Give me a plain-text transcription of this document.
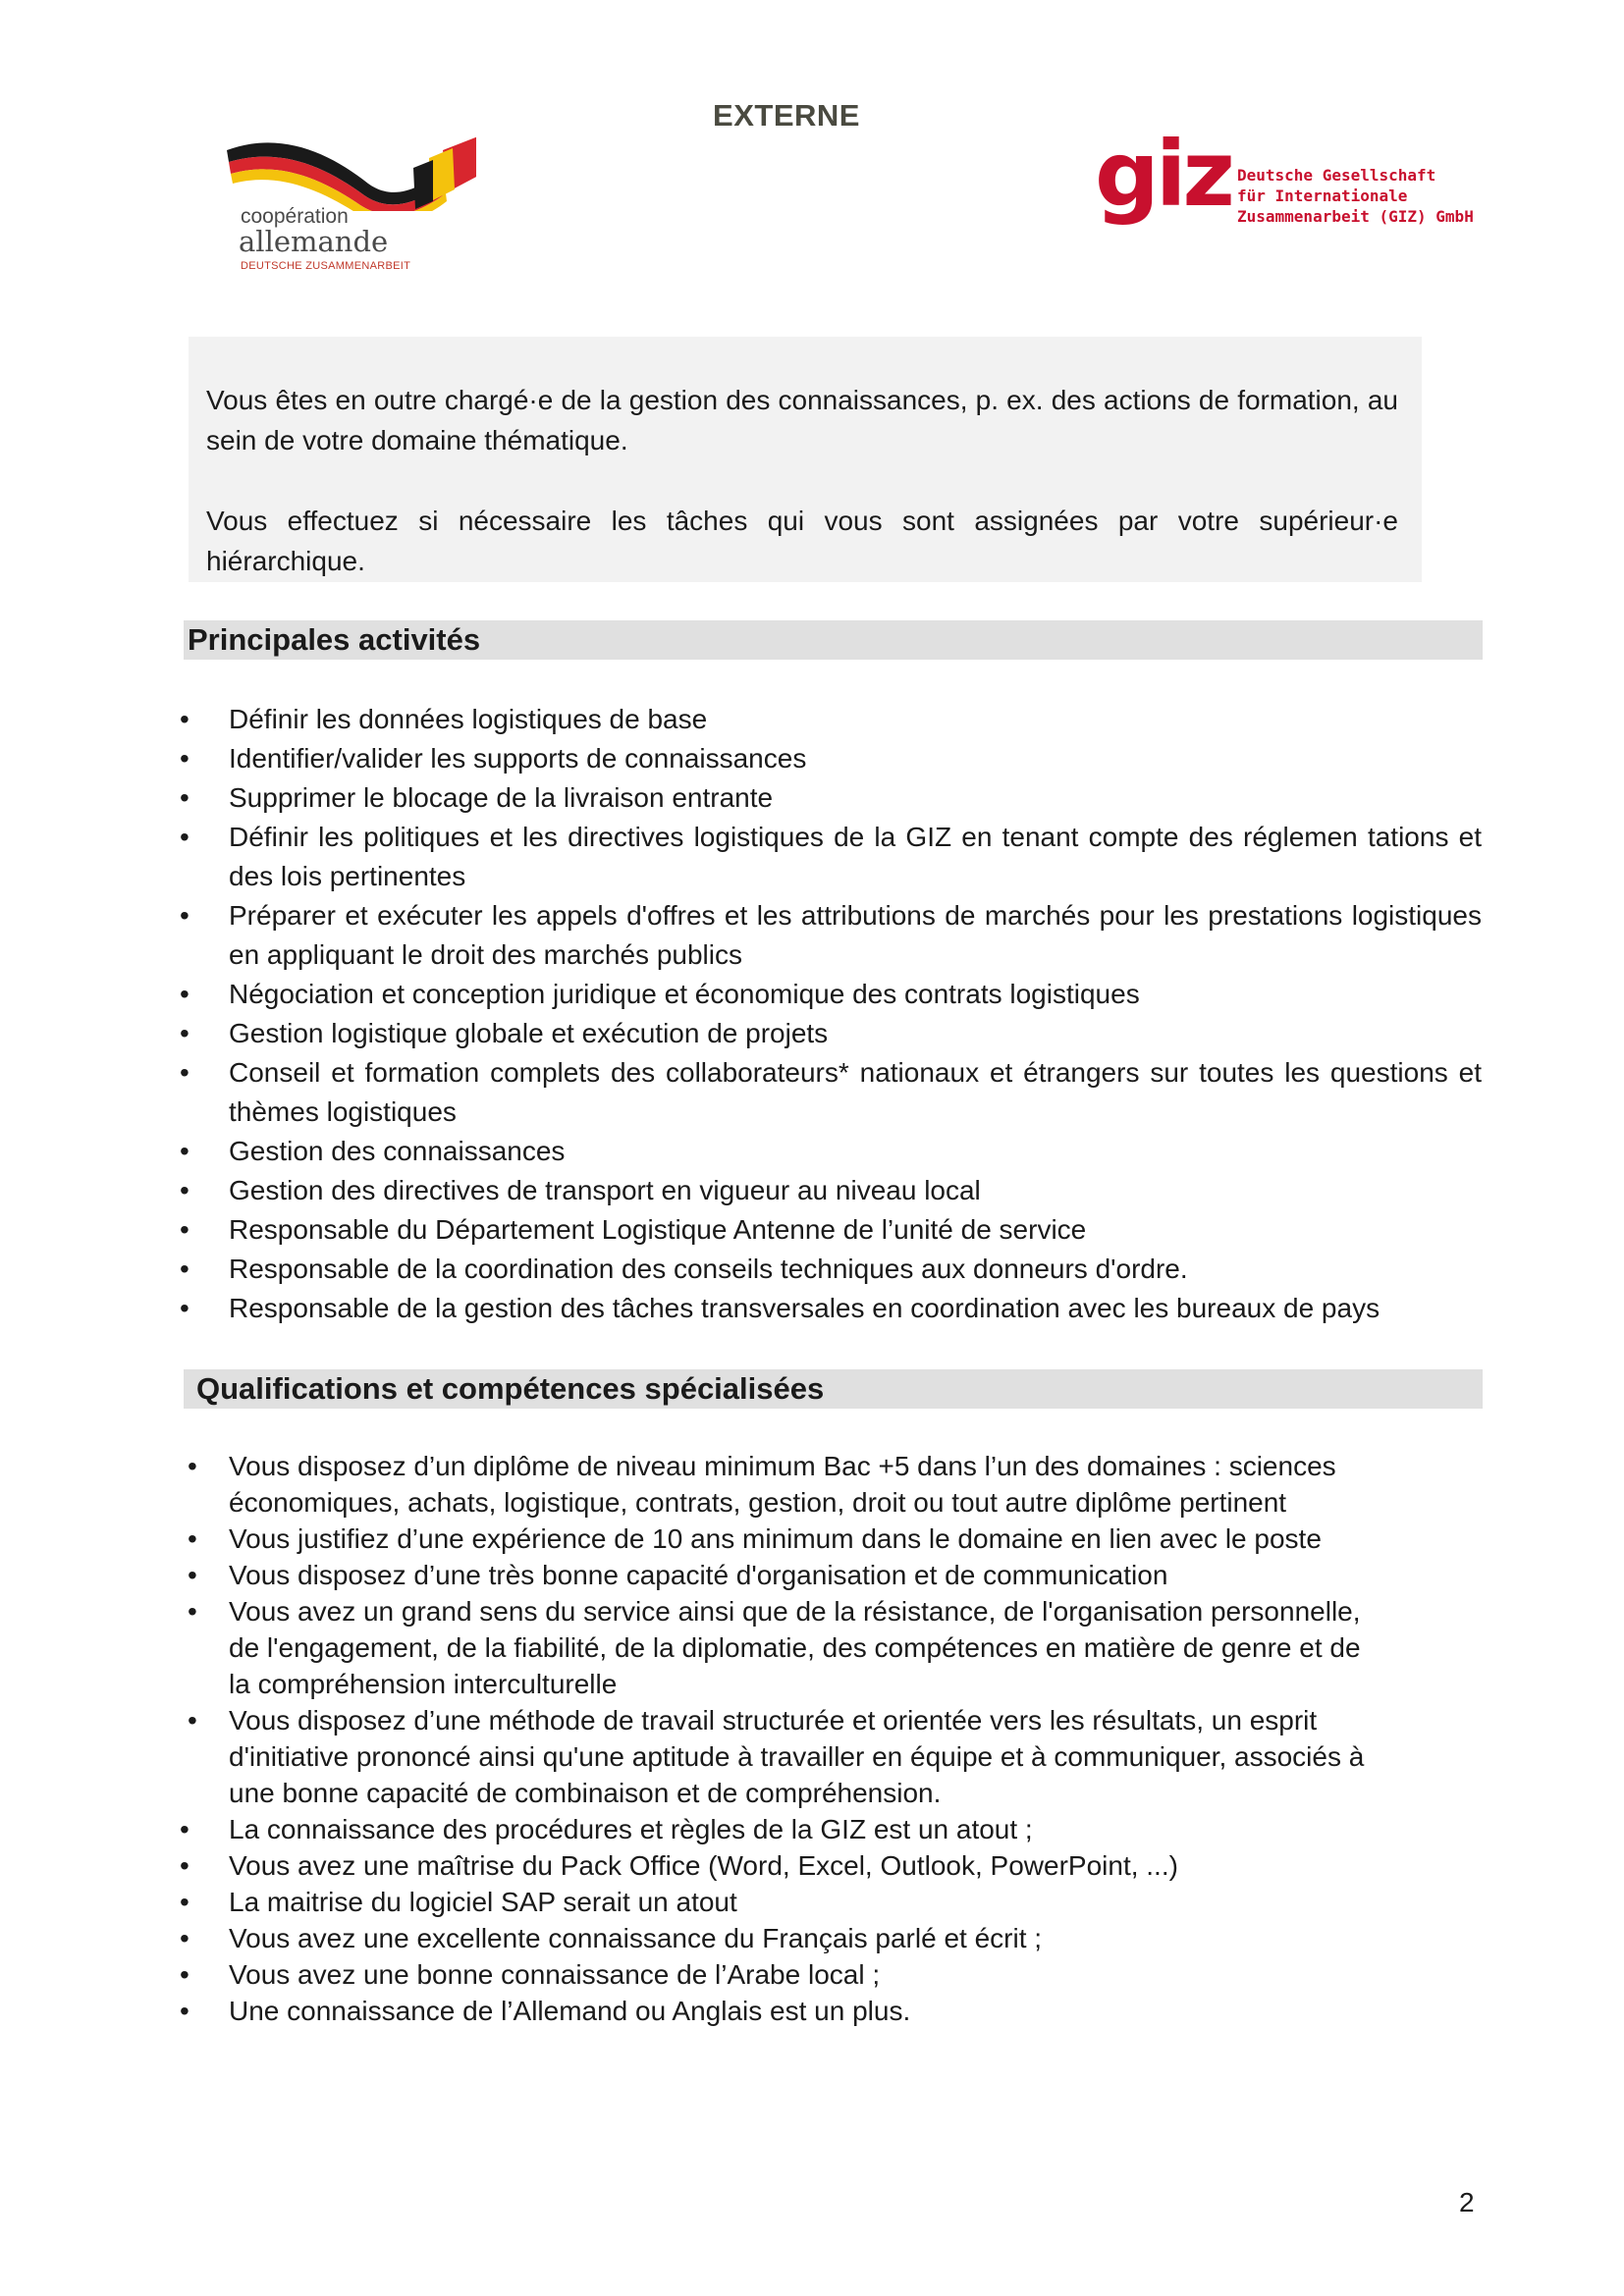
EXTERNE
coopération
allemande
DEUTSCHE ZUSAMMENARBEIT
giz Deutsche Gesellschaft
für Internationale
Zusammenarbeit (GIZ) GmbH

Vous êtes en outre chargé·e de la gestion des connaissances, p. ex. des actions de formation, au sein de votre domaine thématique.

Vous effectuez si nécessaire les tâches qui vous sont assignées par votre supérieur·e hiérarchique.

Principales activités
• Définir les données logistiques de base
• Identifier/valider les supports de connaissances
• Supprimer le blocage de la livraison entrante
• Définir les politiques et les directives logistiques de la GIZ en tenant compte des réglemen tations et des lois pertinentes
• Préparer et exécuter les appels d'offres et les attributions de marchés pour les prestations logistiques en appliquant le droit des marchés publics
• Négociation et conception juridique et économique des contrats logistiques
• Gestion logistique globale et exécution de projets
• Conseil et formation complets des collaborateurs* nationaux et étrangers sur toutes les questions et thèmes logistiques
• Gestion des connaissances
• Gestion des directives de transport en vigueur au niveau local
• Responsable du Département Logistique Antenne de l’unité de service
• Responsable de la coordination des conseils techniques aux donneurs d'ordre.
• Responsable de la gestion des tâches transversales en coordination avec les bureaux de pays
Qualifications et compétences spécialisées
• Vous disposez d’un diplôme de niveau minimum Bac +5 dans l’un des domaines : sciences
économiques, achats, logistique, contrats, gestion, droit ou tout autre diplôme pertinent
• Vous justifiez d’une expérience de 10 ans minimum dans le domaine en lien avec le poste
• Vous disposez d’une très bonne capacité d'organisation et de communication
• Vous avez un grand sens du service ainsi que de la résistance, de l'organisation personnelle,
de l'engagement, de la fiabilité, de la diplomatie, des compétences en matière de genre et de
la compréhension interculturelle
• Vous disposez d’une méthode de travail structurée et orientée vers les résultats, un esprit
d'initiative prononcé ainsi qu'une aptitude à travailler en équipe et à communiquer, associés à
une bonne capacité de combinaison et de compréhension.
• La connaissance des procédures et règles de la GIZ est un atout ;
• Vous avez une maîtrise du Pack Office (Word, Excel, Outlook, PowerPoint, ...)
• La maitrise du logiciel SAP serait un atout
• Vous avez une excellente connaissance du Français parlé et écrit ;
• Vous avez une bonne connaissance de l’Arabe local ;
• Une connaissance de l’Allemand ou Anglais est un plus.
2
